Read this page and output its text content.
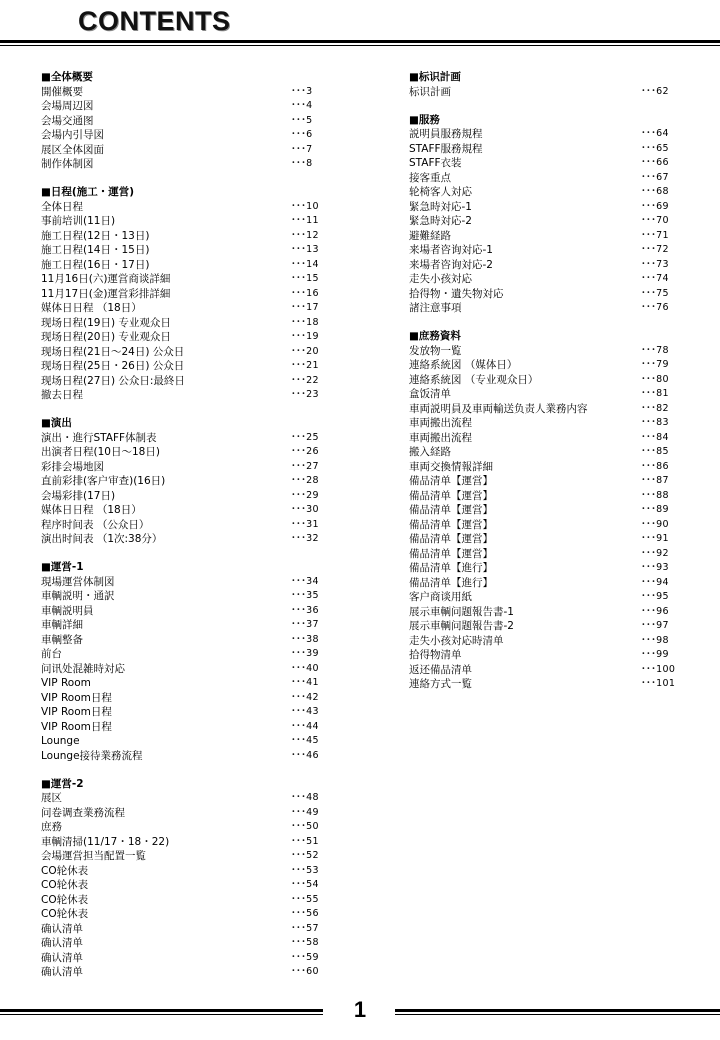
CONTENTS
■全体概要
開催概要	･･･3
会場周辺図	･･･4
会場交通图	･･･5
会場内引导図	･･･6
展区全体図面	･･･7
制作体制図	･･･8
■日程(施工・運営)
全体日程	･･･10
事前培训(11日)	･･･11
施工日程(12日・13日)	･･･12
施工日程(14日・15日)	･･･13
施工日程(16日・17日)	･･･14
11月16日(六)運営商谈詳細	･･･15
11月17日(金)運営彩排詳細	･･･16
媒体日日程 （18日）	･･･17
现场日程(19日) 专业观众日	･･･18
现场日程(20日) 专业观众日	･･･19
现场日程(21日～24日) 公众日	･･･20
现场日程(25日・26日) 公众日	･･･21
现场日程(27日) 公众日:最終日	･･･22
撤去日程	･･･23
■演出
演出・進行STAFF体制表	･･･25
出演者日程(10日～18日)	･･･26
彩排会場地図	･･･27
直前彩排(客户审查)(16日)	･･･28
会場彩排(17日)	･･･29
媒体日日程 （18日）	･･･30
程序时间表 （公众日）	･･･31
演出时间表 （1次:38分）	･･･32
■運営-1
現場運営体制図	･･･34
車輌説明・通訳	･･･35
車輌説明員	･･･36
車輌詳細	･･･37
車輌整备	･･･38
前台	･･･39
问讯处混雑時対応	･･･40
VIP Room	･･･41
VIP Room日程	･･･42
VIP Room日程	･･･43
VIP Room日程	･･･44
Lounge	･･･45
Lounge接待業務流程	･･･46
■運営-2
展区	･･･48
问卷调查業務流程	･･･49
庶務	･･･50
車輌清掃(11/17・18・22)	･･･51
会場運営担当配置一覧	･･･52
CO轮休表	･･･53
CO轮休表	･･･54
CO轮休表	･･･55
CO轮休表	･･･56
确认清单	･･･57
确认清单	･･･58
确认清单	･･･59
确认清单	･･･60
■标识計画
标识計画	･･･62
■服務
説明員服務規程	･･･64
STAFF服務規程	･･･65
STAFF衣装	･･･66
接客重点	･･･67
轮椅客人対応	･･･68
緊急時対応-1	･･･69
緊急時対応-2	･･･70
避難経路	･･･71
来場者咨询対応-1	･･･72
来場者咨询対応-2	･･･73
走失小孩対応	･･･74
拾得物・遺失物対応	･･･75
諸注意事項	･･･76
■庶務資料
发放物一覧	･･･78
連絡系統図 （媒体日）	･･･79
連絡系統図 （专业观众日）	･･･80
盒饭清单	･･･81
車両説明員及車両輸送负责人業務内容	･･･82
車両搬出流程	･･･83
車両搬出流程	･･･84
搬入経路	･･･85
車両交換情報詳細	･･･86
備品清单【運営】	･･･87
備品清单【運営】	･･･88
備品清单【運営】	･･･89
備品清单【運営】	･･･90
備品清单【運営】	･･･91
備品清单【運営】	･･･92
備品清单【進行】	･･･93
備品清单【進行】	･･･94
客户商谈用紙	･･･95
展示車輌问题報告書-1	･･･96
展示車輌问题報告書-2	･･･97
走失小孩対応時清单	･･･98
拾得物清单	･･･99
返还備品清单	･･･100
連絡方式一覧	･･･101
1
